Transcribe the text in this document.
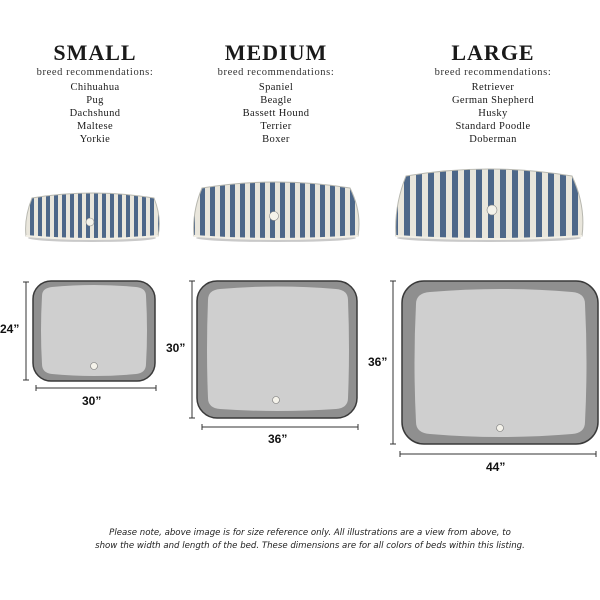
SMALL
breed recommendations:
Chihuahua
Pug
Dachshund
Maltese
Yorkie
MEDIUM
breed recommendations:
Spaniel
Beagle
Bassett Hound
Terrier
Boxer
LARGE
breed recommendations:
Retriever
German Shepherd
Husky
Standard Poodle
Doberman
24”
30”
30”
36”
36”
44”
Please note, above image is for size reference only. All illustrations are a view from above, to
show the width and length of the bed. These dimensions are for all colors of beds within this listing.
